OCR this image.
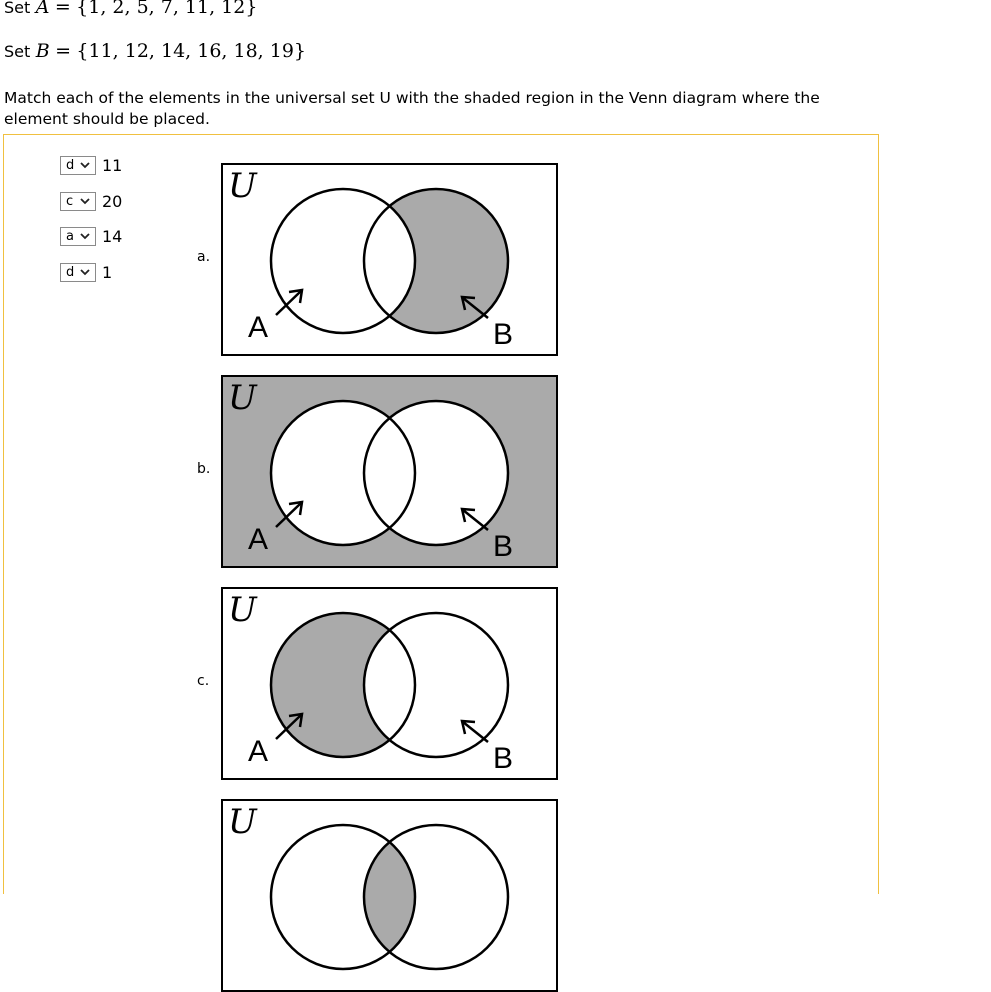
Set A = {1, 2, 5, 7, 11, 12}
Set B = {11, 12, 14, 16, 18, 19}
Match each of the elements in the universal set U with the shaded region in the Venn diagram where the element should be placed.
d 11
c 20
a 14
d 1
a.
b.
c.
U
A	B
U
A	B
U
A	B
U
